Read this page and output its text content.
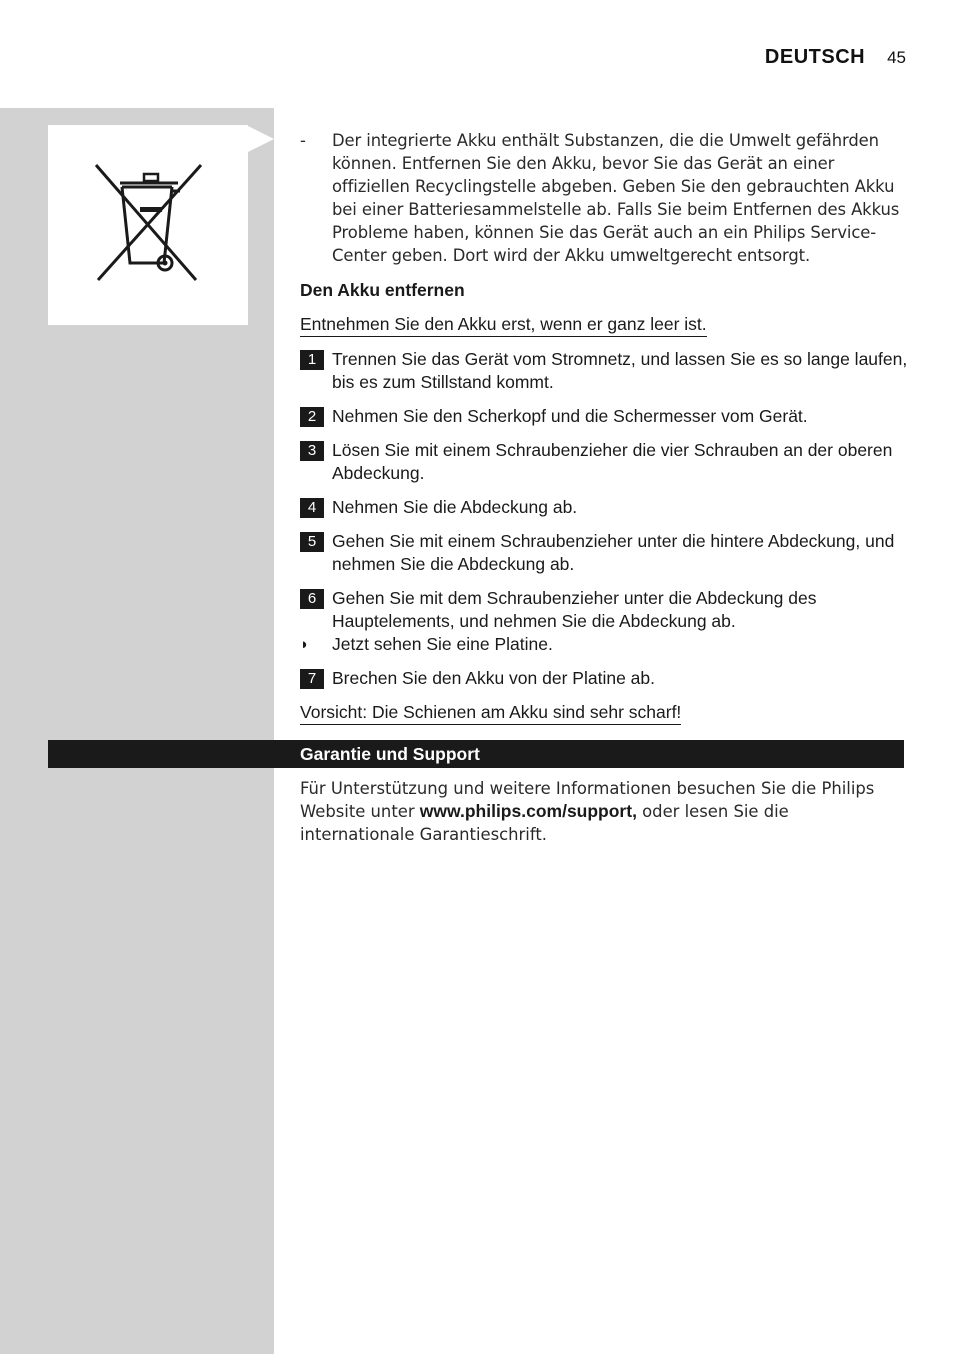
DEUTSCH 45
- Der integrierte Akku enthält Substanzen, die die Umwelt gefährden können. Entfernen Sie den Akku, bevor Sie das Gerät an einer offiziellen Recyclingstelle abgeben. Geben Sie den gebrauchten Akku bei einer Batteriesammelstelle ab. Falls Sie beim Entfernen des Akkus Probleme haben, können Sie das Gerät auch an ein Philips Service-Center geben. Dort wird der Akku umweltgerecht entsorgt.
Den Akku entfernen
Entnehmen Sie den Akku erst, wenn er ganz leer ist.
1 Trennen Sie das Gerät vom Stromnetz, und lassen Sie es so lange laufen, bis es zum Stillstand kommt.
2 Nehmen Sie den Scherkopf und die Schermesser vom Gerät.
3 Lösen Sie mit einem Schraubenzieher die vier Schrauben an der oberen Abdeckung.
4 Nehmen Sie die Abdeckung ab.
5 Gehen Sie mit einem Schraubenzieher unter die hintere Abdeckung, und nehmen Sie die Abdeckung ab.
6 Gehen Sie mit dem Schraubenzieher unter die Abdeckung des Hauptelements, und nehmen Sie die Abdeckung ab.
◗ Jetzt sehen Sie eine Platine.
7 Brechen Sie den Akku von der Platine ab.
Vorsicht: Die Schienen am Akku sind sehr scharf!
Garantie und Support
Für Unterstützung und weitere Informationen besuchen Sie die Philips Website unter www.philips.com/support, oder lesen Sie die internationale Garantieschrift.
